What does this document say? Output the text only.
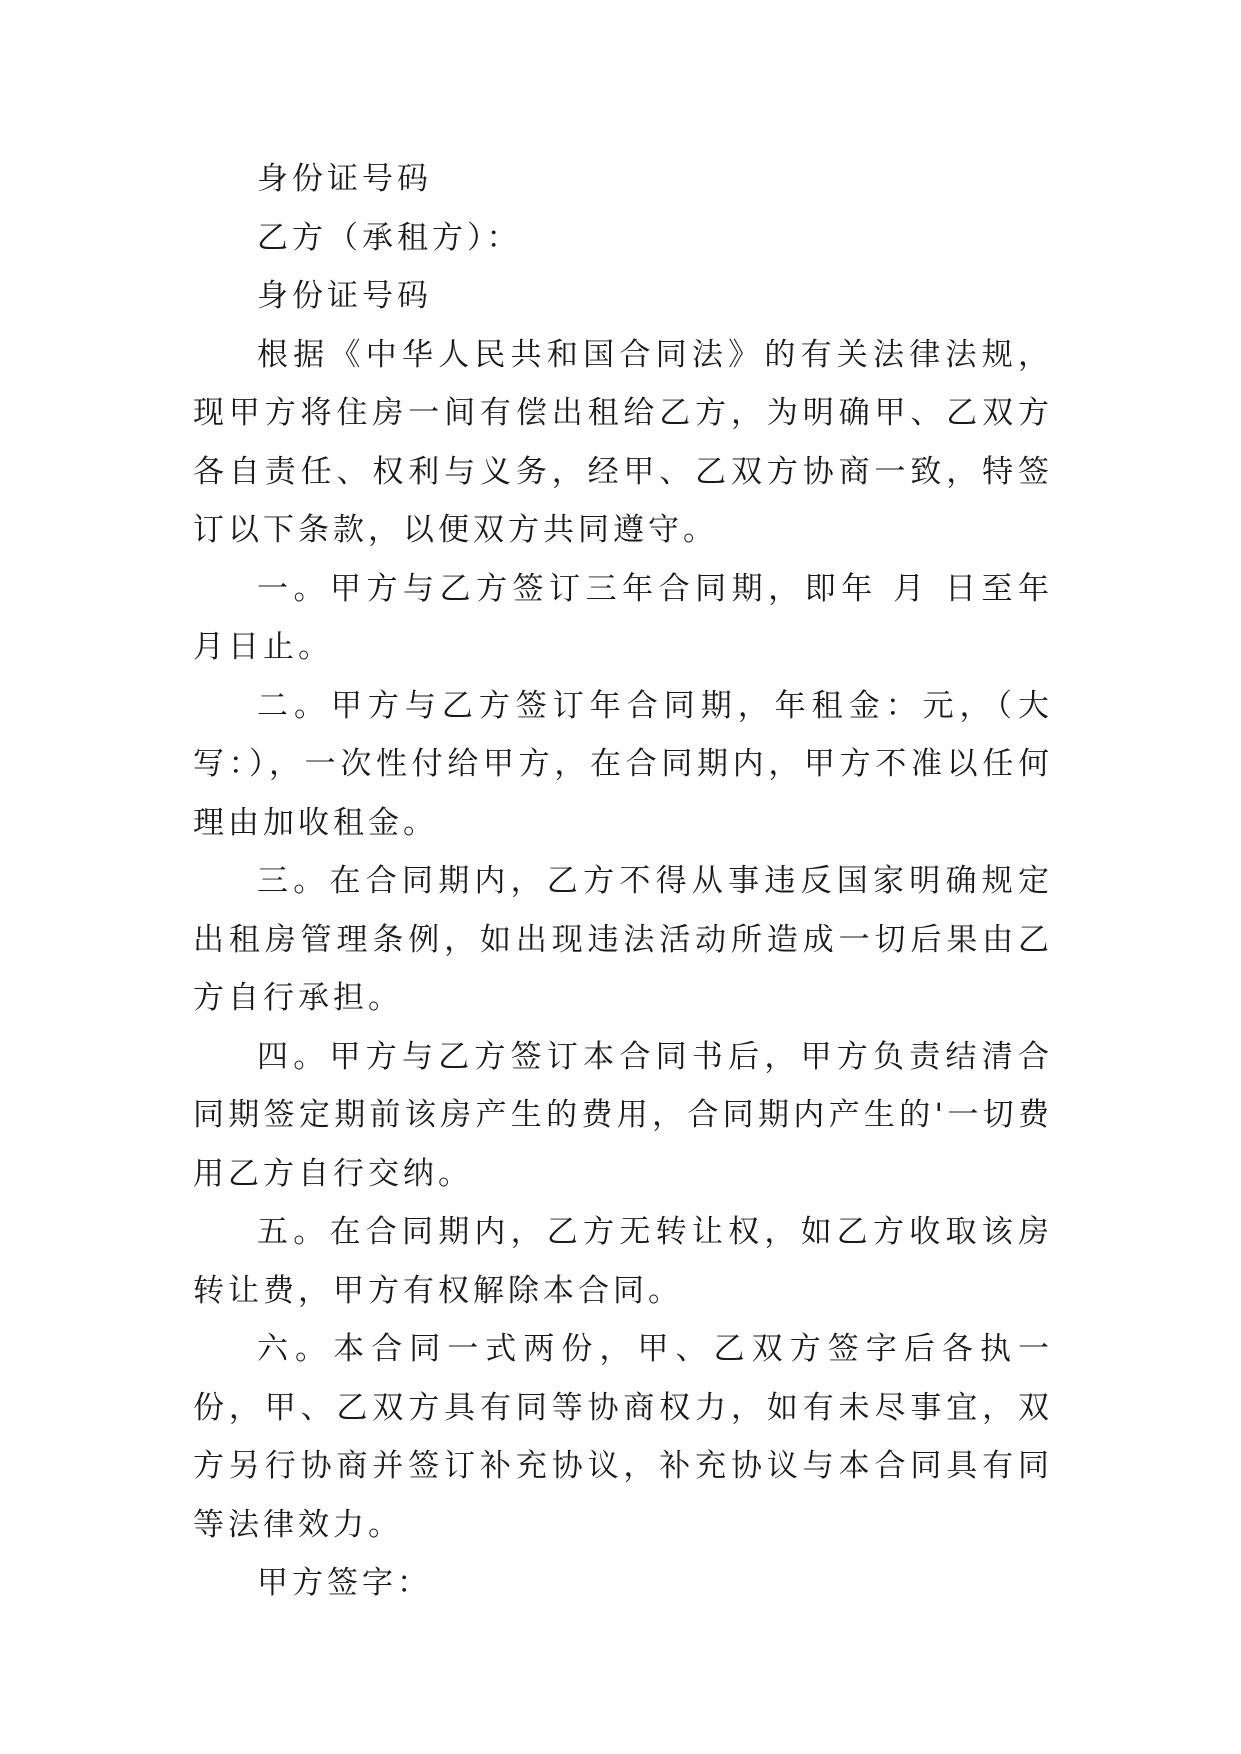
身份证号码

乙方（承租方）：

身份证号码

根据《中华人民共和国合同法》的有关法律法规，现甲方将住房一间有偿出租给乙方，为明确甲、乙双方各自责任、权利与义务，经甲、乙双方协商一致，特签订以下条款，以便双方共同遵守。

一。甲方与乙方签订三年合同期，即年 月 日至年 月日止。

二。甲方与乙方签订年合同期，年租金：元，（大写：），一次性付给甲方，在合同期内，甲方不准以任何理由加收租金。

三。在合同期内，乙方不得从事违反国家明确规定出租房管理条例，如出现违法活动所造成一切后果由乙方自行承担。

四。甲方与乙方签订本合同书后，甲方负责结清合同期签定期前该房产生的费用，合同期内产生的'一切费用乙方自行交纳。

五。在合同期内，乙方无转让权，如乙方收取该房转让费，甲方有权解除本合同。

六。本合同一式两份，甲、乙双方签字后各执一份，甲、乙双方具有同等协商权力，如有未尽事宜，双方另行协商并签订补充协议，补充协议与本合同具有同等法律效力。

甲方签字：
